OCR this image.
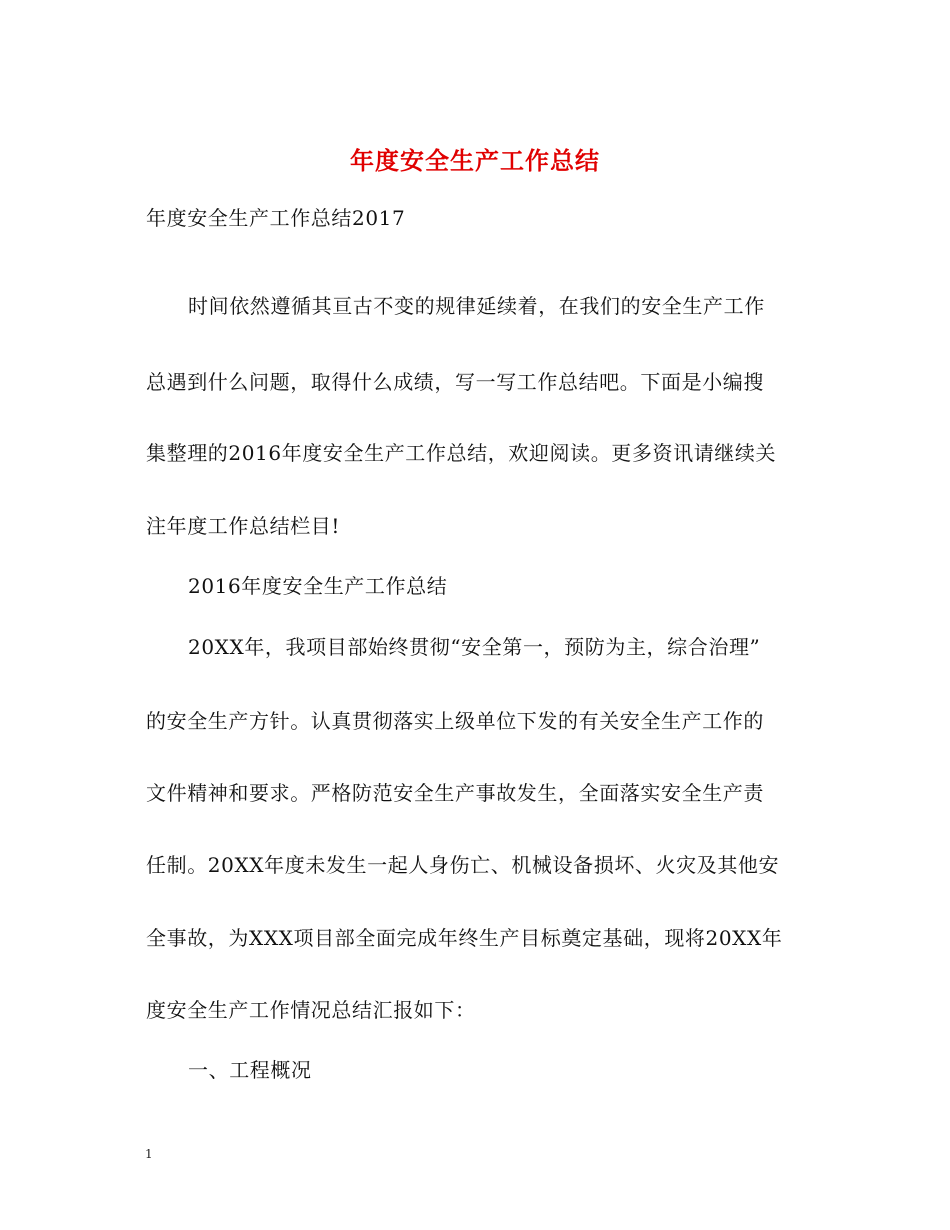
年度安全生产工作总结
年度安全生产工作总结2017
时间依然遵循其亘古不变的规律延续着，在我们的安全生产工作
总遇到什么问题，取得什么成绩，写一写工作总结吧。下面是小编搜
集整理的2016年度安全生产工作总结，欢迎阅读。更多资讯请继续关
注年度工作总结栏目!
2016年度安全生产工作总结
20XX年，我项目部始终贯彻“安全第一，预防为主，综合治理”
的安全生产方针。认真贯彻落实上级单位下发的有关安全生产工作的
文件精神和要求。严格防范安全生产事故发生，全面落实安全生产责
任制。20XX年度未发生一起人身伤亡、机械设备损坏、火灾及其他安
全事故，为XXX项目部全面完成年终生产目标奠定基础，现将20XX年
度安全生产工作情况总结汇报如下：
一、工程概况
1
